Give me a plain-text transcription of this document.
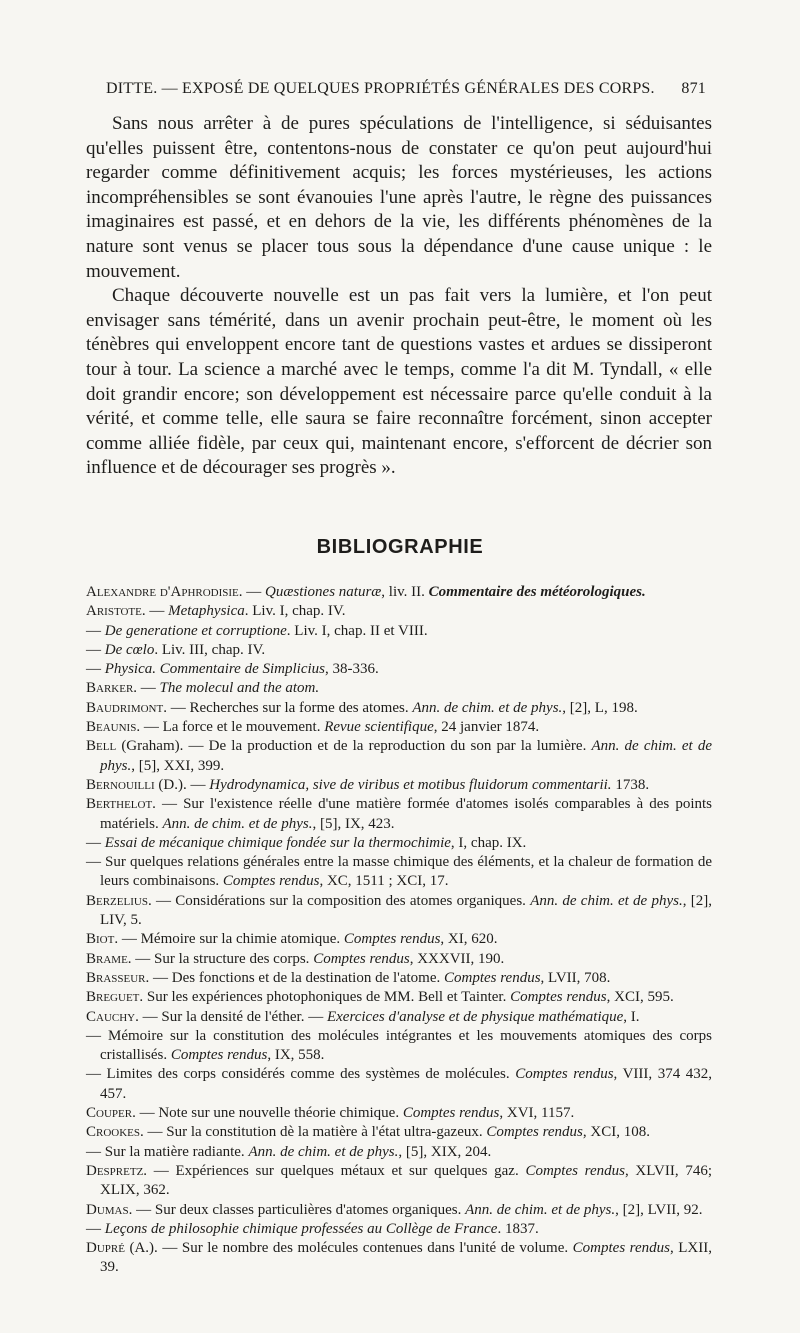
DITTE. — EXPOSÉ DE QUELQUES PROPRIÉTÉS GÉNÉRALES DES CORPS. 871

Sans nous arrêter à de pures spéculations de l'intelligence, si séduisantes qu'elles puissent être, contentons-nous de constater ce qu'on peut aujourd'hui regarder comme définitivement acquis; les forces mystérieuses, les actions incompréhensibles se sont évanouies l'une après l'autre, le règne des puissances imaginaires est passé, et en dehors de la vie, les différents phénomènes de la nature sont venus se placer tous sous la dépendance d'une cause unique : le mouvement.

Chaque découverte nouvelle est un pas fait vers la lumière, et l'on peut envisager sans témérité, dans un avenir prochain peut-être, le moment où les ténèbres qui enveloppent encore tant de questions vastes et ardues se dissiperont tour à tour. La science a marché avec le temps, comme l'a dit M. Tyndall, « elle doit grandir encore; son développement est nécessaire parce qu'elle conduit à la vérité, et comme telle, elle saura se faire reconnaître forcément, sinon accepter comme alliée fidèle, par ceux qui, maintenant encore, s'efforcent de décrier son influence et de décourager ses progrès ».

BIBLIOGRAPHIE

Alexandre d'Aphrodisie. — Quæstiones naturæ, liv. II. Commentaire des météorologiques.

Aristote. — Metaphysica. Liv. I, chap. IV.

— De generatione et corruptione. Liv. I, chap. II et VIII.

— De cœlo. Liv. III, chap. IV.

— Physica. Commentaire de Simplicius, 38-336.

Barker. — The molecul and the atom.

Baudrimont. — Recherches sur la forme des atomes. Ann. de chim. et de phys., [2], L, 198.

Beaunis. — La force et le mouvement. Revue scientifique, 24 janvier 1874.

Bell (Graham). — De la production et de la reproduction du son par la lumière. Ann. de chim. et de phys., [5], XXI, 399.

Bernouilli (D.). — Hydrodynamica, sive de viribus et motibus fluidorum commentarii. 1738.

Berthelot. — Sur l'existence réelle d'une matière formée d'atomes isolés comparables à des points matériels. Ann. de chim. et de phys., [5], IX, 423.

— Essai de mécanique chimique fondée sur la thermochimie, I, chap. IX.

— Sur quelques relations générales entre la masse chimique des éléments, et la chaleur de formation de leurs combinaisons. Comptes rendus, XC, 1511 ; XCI, 17.

Berzelius. — Considérations sur la composition des atomes organiques. Ann. de chim. et de phys., [2], LIV, 5.

Biot. — Mémoire sur la chimie atomique. Comptes rendus, XI, 620.

Brame. — Sur la structure des corps. Comptes rendus, XXXVII, 190.

Brasseur. — Des fonctions et de la destination de l'atome. Comptes rendus, LVII, 708.

Breguet. Sur les expériences photophoniques de MM. Bell et Tainter. Comptes rendus, XCI, 595.

Cauchy. — Sur la densité de l'éther. — Exercices d'analyse et de physique mathématique, I.

— Mémoire sur la constitution des molécules intégrantes et les mouvements atomiques des corps cristallisés. Comptes rendus, IX, 558.

— Limites des corps considérés comme des systèmes de molécules. Comptes rendus, VIII, 374 432, 457.

Couper. — Note sur une nouvelle théorie chimique. Comptes rendus, XVI, 1157.

Crookes. — Sur la constitution dè la matière à l'état ultra-gazeux. Comptes rendus, XCI, 108.

— Sur la matière radiante. Ann. de chim. et de phys., [5], XIX, 204.

Despretz. — Expériences sur quelques métaux et sur quelques gaz. Comptes rendus, XLVII, 746; XLIX, 362.

Dumas. — Sur deux classes particulières d'atomes organiques. Ann. de chim. et de phys., [2], LVII, 92.

— Leçons de philosophie chimique professées au Collège de France. 1837.

Dupré (A.). — Sur le nombre des molécules contenues dans l'unité de volume. Comptes rendus, LXII, 39.
